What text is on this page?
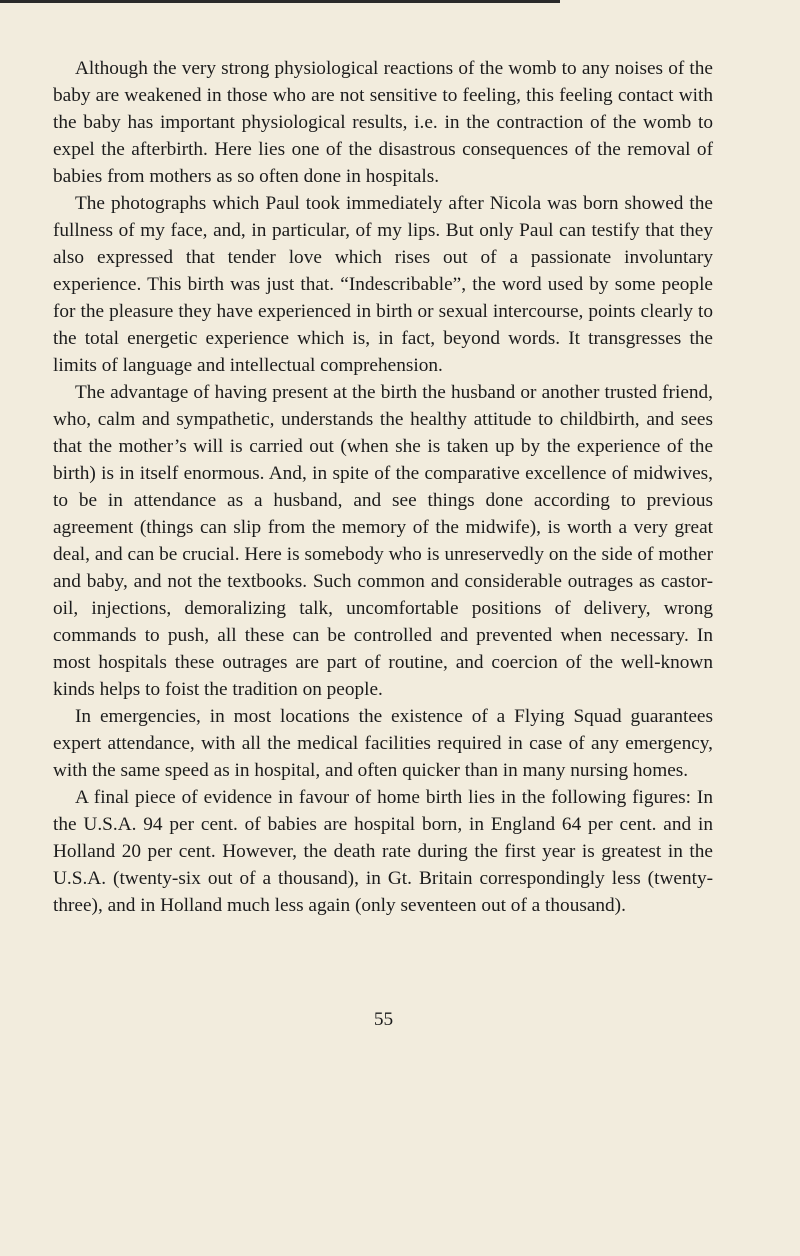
Although the very strong physiological reactions of the womb to any noises of the baby are weakened in those who are not sensitive to feeling, this feeling contact with the baby has important physiological results, i.e. in the contraction of the womb to expel the afterbirth. Here lies one of the disastrous consequences of the removal of babies from mothers as so often done in hospitals.

The photographs which Paul took immediately after Nicola was born showed the fullness of my face, and, in particular, of my lips. But only Paul can testify that they also expressed that tender love which rises out of a passionate involuntary experience. This birth was just that. “Indescribable”, the word used by some people for the pleasure they have experienced in birth or sexual intercourse, points clearly to the total energetic experience which is, in fact, beyond words. It transgresses the limits of language and intellectual comprehension.

The advantage of having present at the birth the husband or another trusted friend, who, calm and sympathetic, understands the healthy attitude to childbirth, and sees that the mother’s will is carried out (when she is taken up by the experience of the birth) is in itself enormous. And, in spite of the comparative excellence of midwives, to be in attendance as a husband, and see things done according to previous agreement (things can slip from the memory of the midwife), is worth a very great deal, and can be crucial. Here is somebody who is unreservedly on the side of mother and baby, and not the textbooks. Such common and considerable outrages as castor-oil, injections, demoralizing talk, uncomfortable positions of delivery, wrong commands to push, all these can be controlled and prevented when necessary. In most hospitals these outrages are part of routine, and coercion of the well-known kinds helps to foist the tradition on people.

In emergencies, in most locations the existence of a Flying Squad guarantees expert attendance, with all the medical facilities required in case of any emergency, with the same speed as in hospital, and often quicker than in many nursing homes.

A final piece of evidence in favour of home birth lies in the following figures: In the U.S.A. 94 per cent. of babies are hospital born, in England 64 per cent. and in Holland 20 per cent. However, the death rate during the first year is greatest in the U.S.A. (twenty-six out of a thousand), in Gt. Britain correspondingly less (twenty-three), and in Holland much less again (only seventeen out of a thousand).

55
